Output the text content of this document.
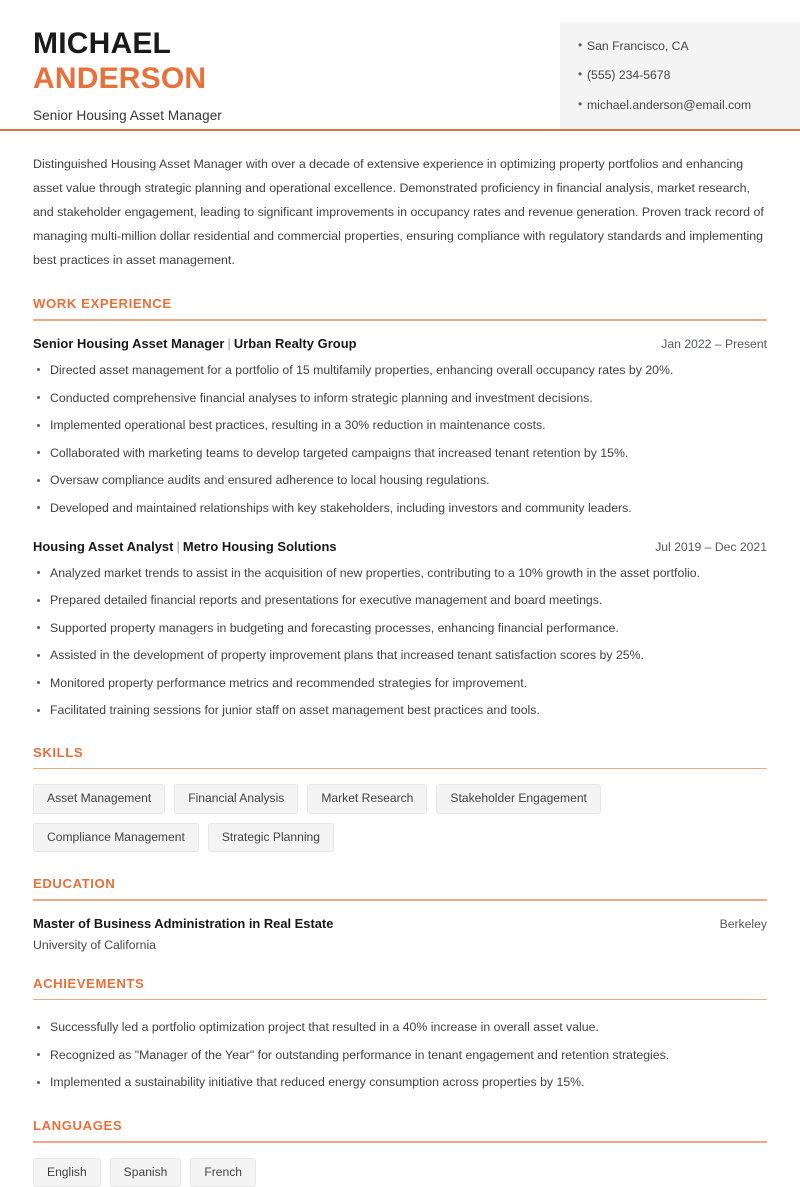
MICHAEL
ANDERSON
Senior Housing Asset Manager
• San Francisco, CA
• (555) 234-5678
• michael.anderson@email.com

Distinguished Housing Asset Manager with over a decade of extensive experience in optimizing property portfolios and enhancing asset value through strategic planning and operational excellence. Demonstrated proficiency in financial analysis, market research, and stakeholder engagement, leading to significant improvements in occupancy rates and revenue generation. Proven track record of managing multi-million dollar residential and commercial properties, ensuring compliance with regulatory standards and implementing best practices in asset management.

WORK EXPERIENCE
Senior Housing Asset Manager | Urban Realty Group	Jan 2022 – Present
Directed asset management for a portfolio of 15 multifamily properties, enhancing overall occupancy rates by 20%.
Conducted comprehensive financial analyses to inform strategic planning and investment decisions.
Implemented operational best practices, resulting in a 30% reduction in maintenance costs.
Collaborated with marketing teams to develop targeted campaigns that increased tenant retention by 15%.
Oversaw compliance audits and ensured adherence to local housing regulations.
Developed and maintained relationships with key stakeholders, including investors and community leaders.
Housing Asset Analyst | Metro Housing Solutions	Jul 2019 – Dec 2021
Analyzed market trends to assist in the acquisition of new properties, contributing to a 10% growth in the asset portfolio.
Prepared detailed financial reports and presentations for executive management and board meetings.
Supported property managers in budgeting and forecasting processes, enhancing financial performance.
Assisted in the development of property improvement plans that increased tenant satisfaction scores by 25%.
Monitored property performance metrics and recommended strategies for improvement.
Facilitated training sessions for junior staff on asset management best practices and tools.
SKILLS
Asset Management	Financial Analysis	Market Research	Stakeholder Engagement
Compliance Management	Strategic Planning
EDUCATION
Master of Business Administration in Real Estate	Berkeley
University of California
ACHIEVEMENTS
Successfully led a portfolio optimization project that resulted in a 40% increase in overall asset value.
Recognized as "Manager of the Year" for outstanding performance in tenant engagement and retention strategies.
Implemented a sustainability initiative that reduced energy consumption across properties by 15%.
LANGUAGES
English	Spanish	French
